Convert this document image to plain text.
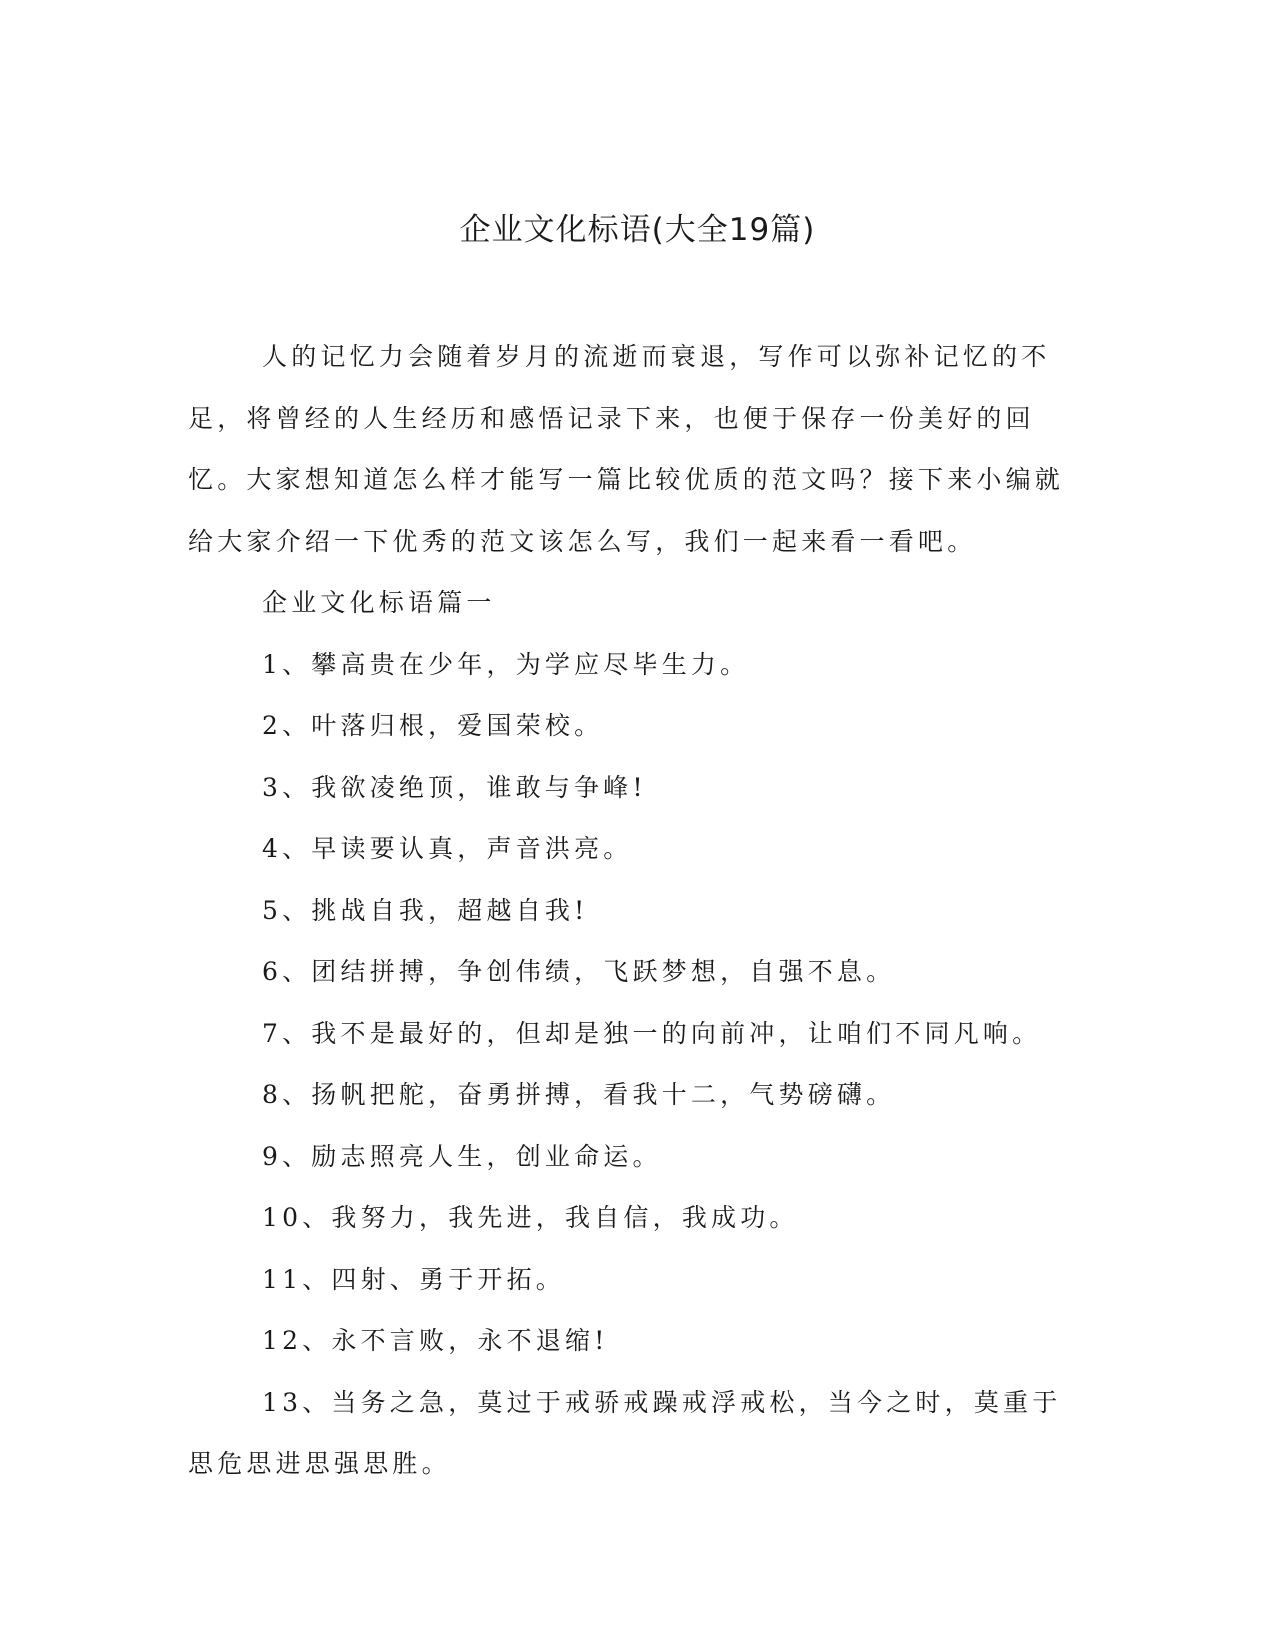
企业文化标语(大全19篇)

人的记忆力会随着岁月的流逝而衰退，写作可以弥补记忆的不足，将曾经的人生经历和感悟记录下来，也便于保存一份美好的回忆。大家想知道怎么样才能写一篇比较优质的范文吗？接下来小编就给大家介绍一下优秀的范文该怎么写，我们一起来看一看吧。

企业文化标语篇一

1、攀高贵在少年，为学应尽毕生力。

2、叶落归根，爱国荣校。

3、我欲凌绝顶，谁敢与争峰!

4、早读要认真，声音洪亮。

5、挑战自我，超越自我!

6、团结拼搏，争创伟绩，飞跃梦想，自强不息。

7、我不是最好的，但却是独一的向前冲，让咱们不同凡响。

8、扬帆把舵，奋勇拼搏，看我十二，气势磅礴。

9、励志照亮人生，创业命运。

10、我努力，我先进，我自信，我成功。

11、四射、勇于开拓。

12、永不言败，永不退缩!

13、当务之急，莫过于戒骄戒躁戒浮戒松，当今之时，莫重于思危思进思强思胜。
